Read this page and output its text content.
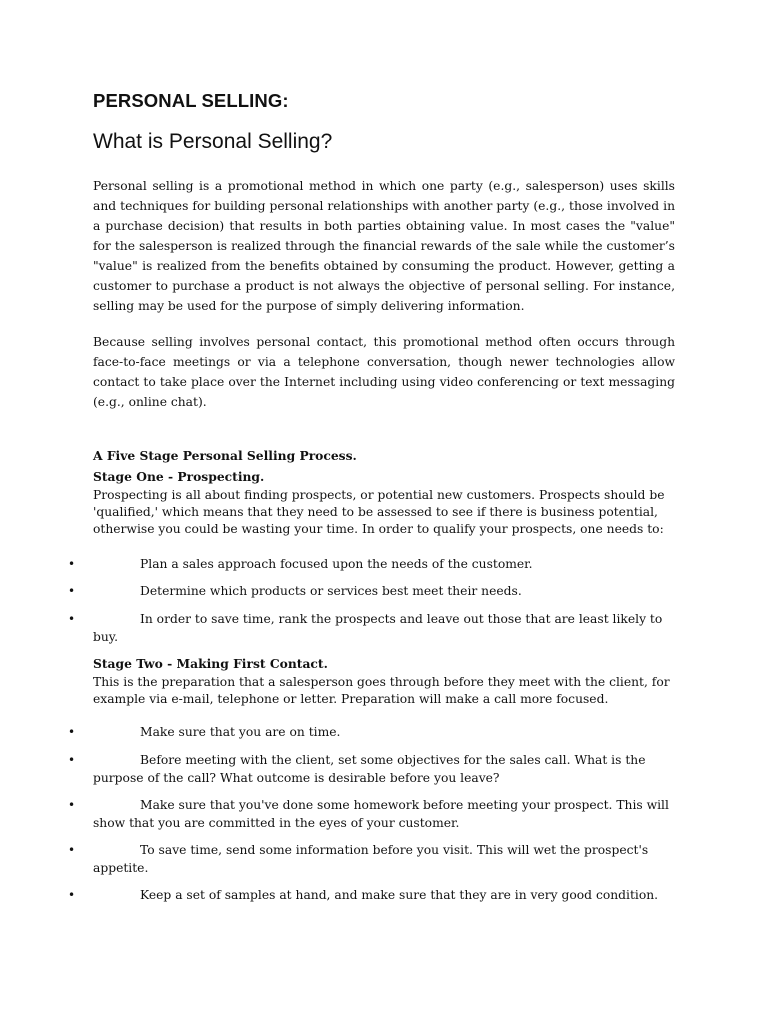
PERSONAL SELLING:
What is Personal Selling?
Personal selling is a promotional method in which one party (e.g., salesperson) uses skills and techniques for building personal relationships with another party (e.g., those involved in a purchase decision) that results in both parties obtaining value. In most cases the "value" for the salesperson is realized through the financial rewards of the sale while the customer’s "value" is realized from the benefits obtained by consuming the product. However, getting a customer to purchase a product is not always the objective of personal selling. For instance, selling may be used for the purpose of simply delivering information.
Because selling involves personal contact, this promotional method often occurs through face-to-face meetings or via a telephone conversation, though newer technologies allow contact to take place over the Internet including using video conferencing or text messaging (e.g., online chat).
A Five Stage Personal Selling Process.
Stage One - Prospecting.
Prospecting is all about finding prospects, or potential new customers. Prospects should be 'qualified,' which means that they need to be assessed to see if there is business potential, otherwise you could be wasting your time. In order to qualify your prospects, one needs to:
•	Plan a sales approach focused upon the needs of the customer.
•	Determine which products or services best meet their needs.
•	In order to save time, rank the prospects and leave out those that are least likely to buy.
Stage Two - Making First Contact.
This is the preparation that a salesperson goes through before they meet with the client, for example via e-mail, telephone or letter. Preparation will make a call more focused.
•	Make sure that you are on time.
•	Before meeting with the client, set some objectives for the sales call. What is the purpose of the call? What outcome is desirable before you leave?
•	Make sure that you've done some homework before meeting your prospect. This will show that you are committed in the eyes of your customer.
•	To save time, send some information before you visit. This will wet the prospect's appetite.
•	Keep a set of samples at hand, and make sure that they are in very good condition.
